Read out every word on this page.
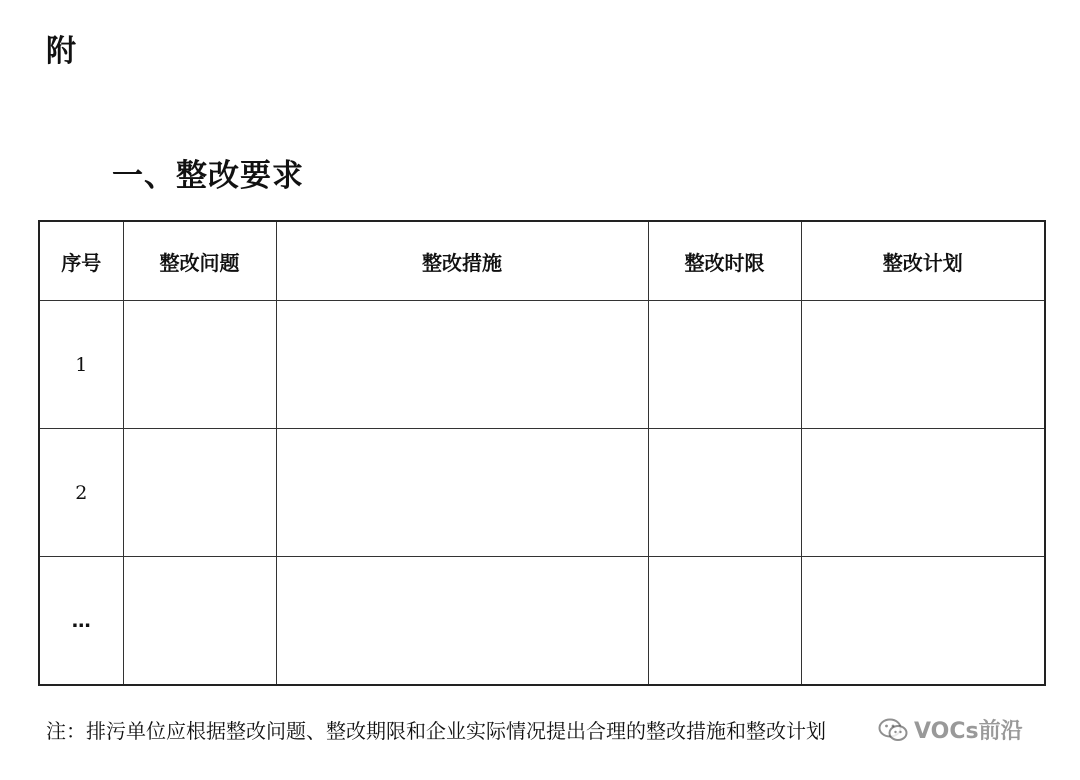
附
一、整改要求
序号	整改问题	整改措施	整改时限	整改计划
1				
2				
…				
注：排污单位应根据整改问题、整改期限和企业实际情况提出合理的整改措施和整改计划	VOCs前沿
